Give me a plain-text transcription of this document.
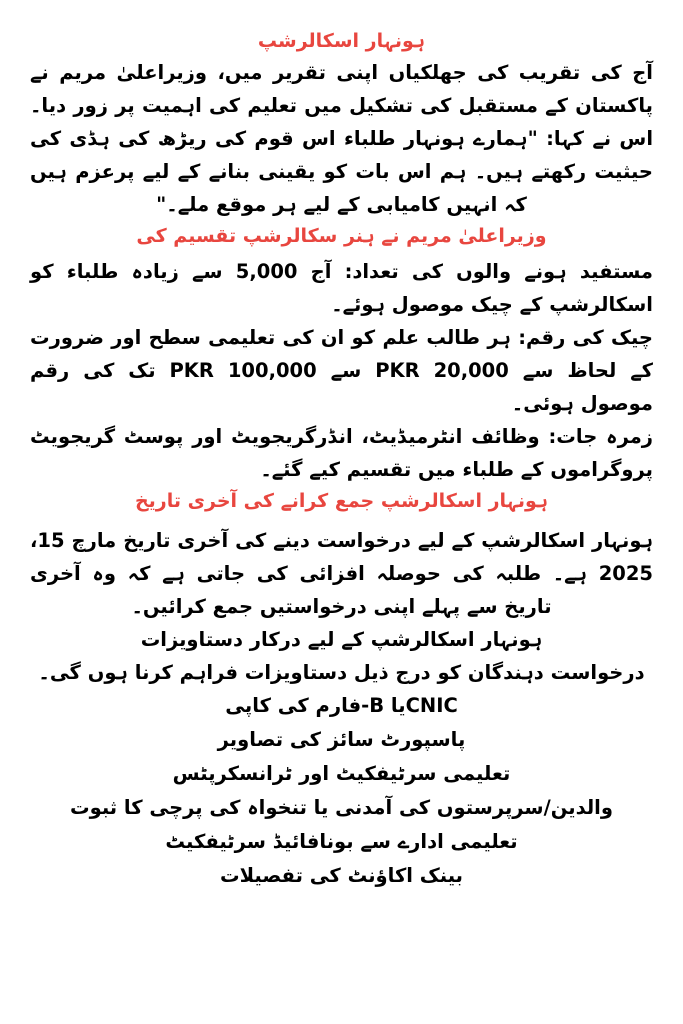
ہونہار اسکالرشپ

آج کی تقریب کی جھلکیاں اپنی تقریر میں، وزیراعلیٰ مریم نے پاکستان کے مستقبل کی تشکیل میں تعلیم کی اہمیت پر زور دیا۔ اس نے کہا: "ہمارے ہونہار طلباء اس قوم کی ریڑھ کی ہڈی کی حیثیت رکھتے ہیں۔ ہم اس بات کو یقینی بنانے کے لیے پرعزم ہیں کہ انہیں کامیابی کے لیے ہر موقع ملے۔"

وزیراعلیٰ مریم نے ہنر سکالرشپ تقسیم کی

مستفید ہونے والوں کی تعداد: آج 5,000 سے زیادہ طلباء کو اسکالرشپ کے چیک موصول ہوئے۔

چیک کی رقم: ہر طالب علم کو ان کی تعلیمی سطح اور ضرورت کے لحاظ سے PKR 20,000 سے PKR 100,000 تک کی رقم موصول ہوئی۔

زمرہ جات: وظائف انٹرمیڈیٹ، انڈرگریجویٹ اور پوسٹ گریجویٹ پروگراموں کے طلباء میں تقسیم کیے گئے۔

ہونہار اسکالرشپ جمع کرانے کی آخری تاریخ

ہونہار اسکالرشپ کے لیے درخواست دینے کی آخری تاریخ مارچ 15، 2025 ہے۔ طلبہ کی حوصلہ افزائی کی جاتی ہے کہ وہ آخری تاریخ سے پہلے اپنی درخواستیں جمع کرائیں۔

ہونہار اسکالرشپ کے لیے درکار دستاویزات

درخواست دہندگان کو درج ذیل دستاویزات فراہم کرنا ہوں گی۔

CNICیا B-فارم کی کاپی
پاسپورٹ سائز کی تصاویر
تعلیمی سرٹیفکیٹ اور ٹرانسکرپٹس
والدین/سرپرستوں کی آمدنی یا تنخواہ کی پرچی کا ثبوت
تعلیمی ادارے سے بونافائیڈ سرٹیفکیٹ
بینک اکاؤنٹ کی تفصیلات
